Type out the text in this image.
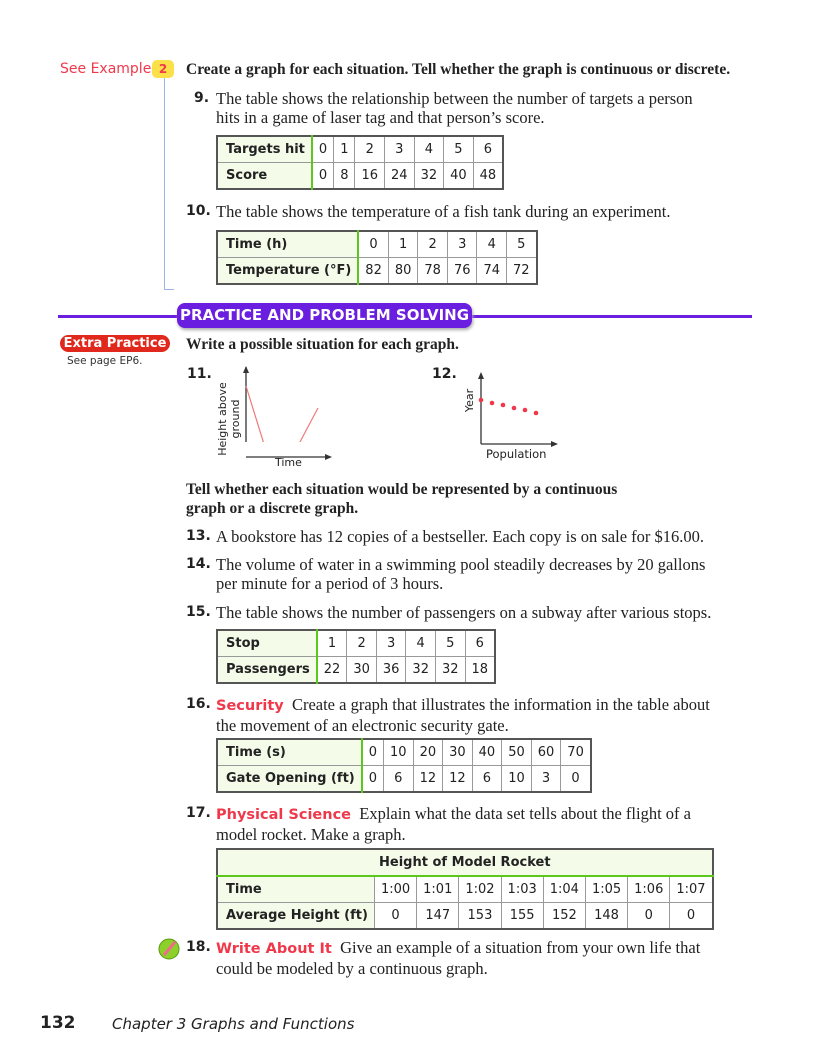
See Example 2	Create a graph for each situation. Tell whether the graph is continuous or discrete.
9. The table shows the relationship between the number of targets a person
hits in a game of laser tag and that person’s score.
Targets hit	0	1	2	3	4	5	6
Score	0	8	16	24	32	40	48
10. The table shows the temperature of a fish tank during an experiment.
Time (h)	0	1	2	3	4	5
Temperature (°F)	82	80	78	76	74	72
PRACTICE AND PROBLEM SOLVING
Extra Practice
See page EP6.
Write a possible situation for each graph.
11.
Height above ground
Time
12.
Year
Population
Tell whether each situation would be represented by a continuous
graph or a discrete graph.
13. A bookstore has 12 copies of a bestseller. Each copy is on sale for $16.00.
14. The volume of water in a swimming pool steadily decreases by 20 gallons
per minute for a period of 3 hours.
15. The table shows the number of passengers on a subway after various stops.
Stop	1	2	3	4	5	6
Passengers	22	30	36	32	32	18
16. Security Create a graph that illustrates the information in the table about
the movement of an electronic security gate.
Time (s)	0	10	20	30	40	50	60	70
Gate Opening (ft)	0	6	12	12	6	10	3	0
17. Physical Science Explain what the data set tells about the flight of a
model rocket. Make a graph.
Height of Model Rocket								
Time	1:00	1:01	1:02	1:03	1:04	1:05	1:06	1:07
Average Height (ft)	0	147	153	155	152	148	0	0
18. Write About It Give an example of a situation from your own life that
could be modeled by a continuous graph.
132 Chapter 3 Graphs and Functions
